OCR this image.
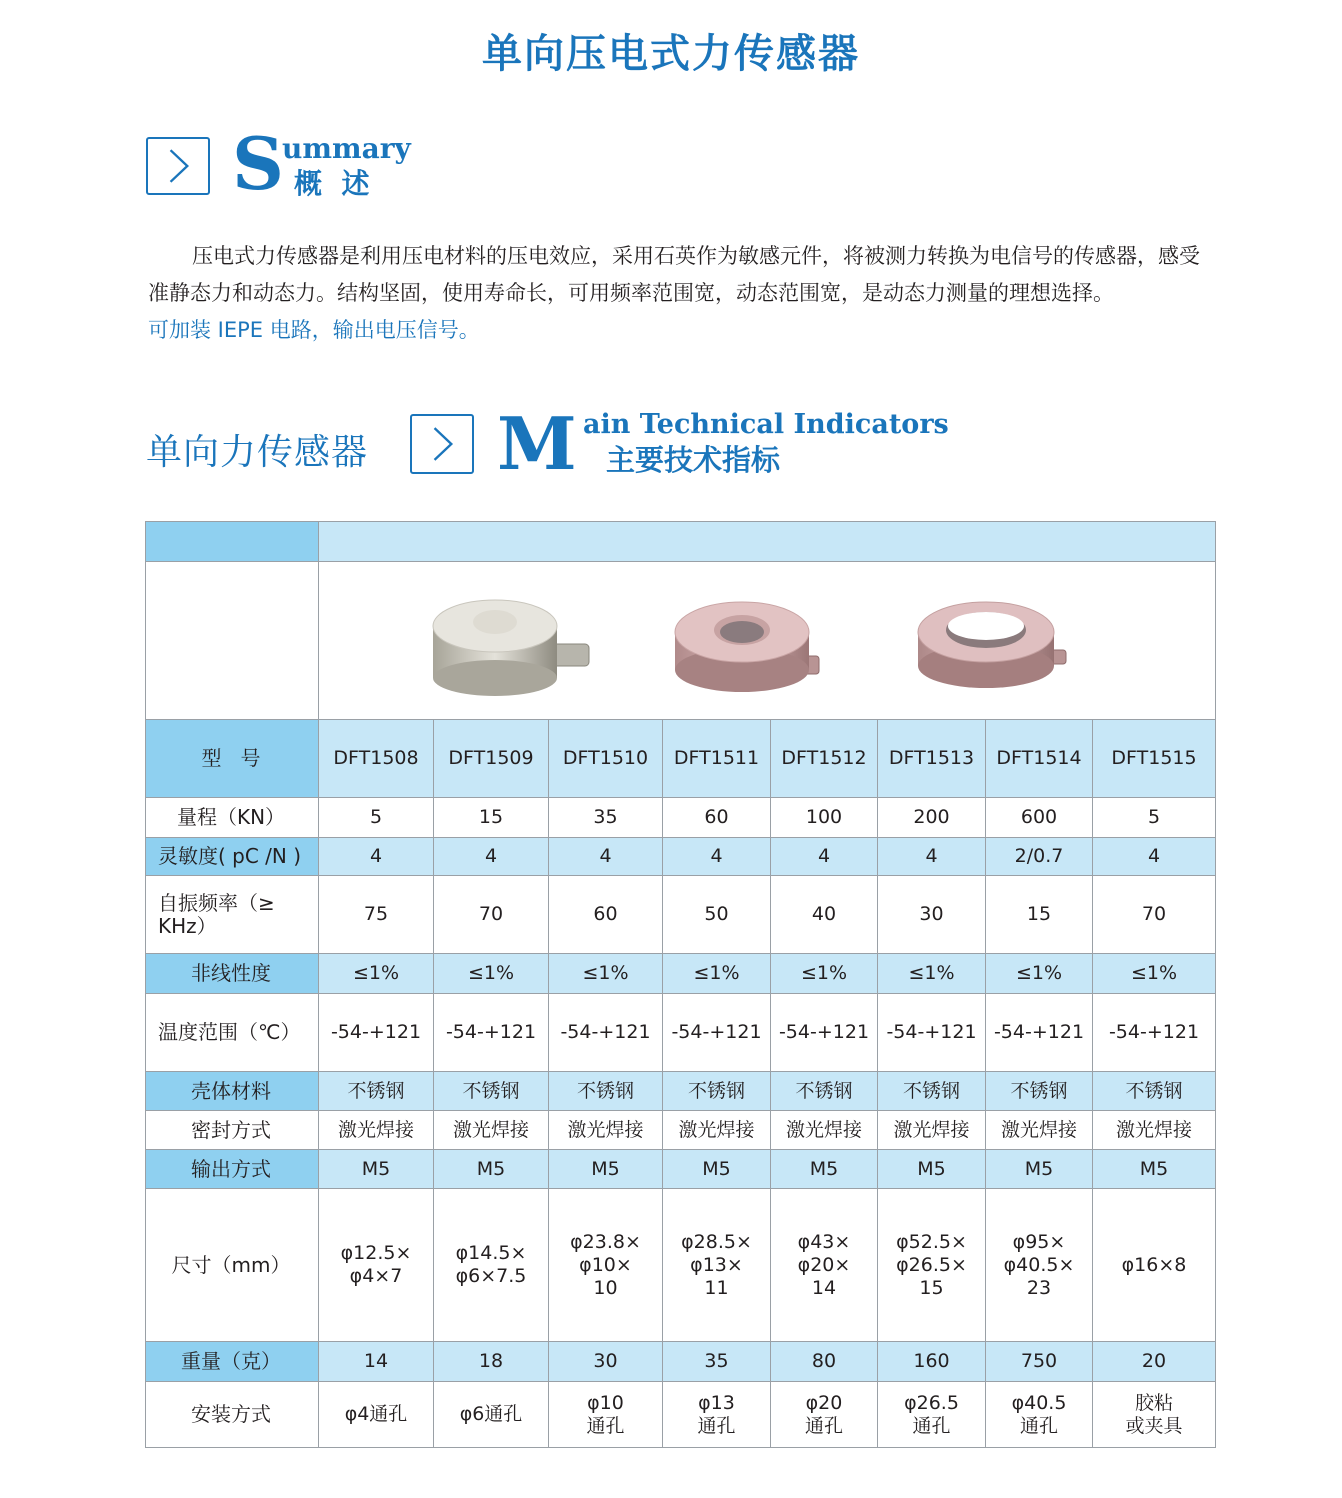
单向压电式力传感器
S
ummary
概  述

压电式力传感器是利用压电材料的压电效应，采用石英作为敏感元件，将被测力转换为电信号的传感器，感受准静态力和动态力。结构坚固，使用寿命长，可用频率范围宽，动态范围宽，是动态力测量的理想选择。

可加装 IEPE 电路，输出电压信号。

单向力传感器 M ain Technical Indicators
主要技术指标

型   号	DFT1508	DFT1509	DFT1510	DFT1511	DFT1512	DFT1513	DFT1514	DFT1515
量程（KN）	5	15	35	60	100	200	600	5
灵敏度( pC /N )	4	4	4	4	4	4	2/0.7	4
自振频率（≥ KHz）	75	70	60	50	40	30	15	70
非线性度	≤1%	≤1%	≤1%	≤1%	≤1%	≤1%	≤1%	≤1%
温度范围（℃）	-54-+121	-54-+121	-54-+121	-54-+121	-54-+121	-54-+121	-54-+121	-54-+121
壳体材料	不锈钢	不锈钢	不锈钢	不锈钢	不锈钢	不锈钢	不锈钢	不锈钢
密封方式	激光焊接	激光焊接	激光焊接	激光焊接	激光焊接	激光焊接	激光焊接	激光焊接
输出方式	M5	M5	M5	M5	M5	M5	M5	M5
尺寸（mm）	φ12.5×
φ4×7	φ14.5×
φ6×7.5	φ23.8×
φ10×
10	φ28.5×
φ13×
11	φ43×
φ20×
14	φ52.5×
φ26.5×
15	φ95×
φ40.5×
23	φ16×8
重量（克）	14	18	30	35	80	160	750	20
安装方式	φ4通孔	φ6通孔	φ10
通孔	φ13
通孔	φ20
通孔	φ26.5
通孔	φ40.5
通孔	胶粘
或夹具
